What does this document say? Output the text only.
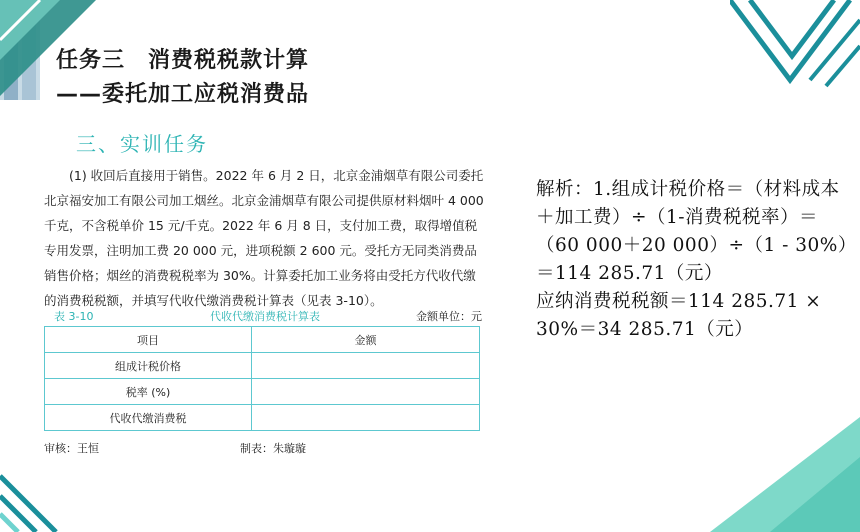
任务三　消费税税款计算
——委托加工应税消费品
三、实训任务

(1) 收回后直接用于销售。2022 年 6 月 2 日，北京金浦烟草有限公司委托北京福安加工有限公司加工烟丝。北京金浦烟草有限公司提供原材料烟叶 4 000 千克，不含税单价 15 元/千克。2022 年 6 月 8 日，支付加工费，取得增值税专用发票，注明加工费 20 000 元，进项税额 2 600 元。受托方无同类消费品销售价格；烟丝的消费税税率为 30%。计算委托加工业务将由受托方代收代缴的消费税税额，并填写代收代缴消费税计算表（见表 3-10）。

表 3-10	代收代缴消费税计算表	金额单位：元
项目	金额
组成计税价格	
税率 (%)	
代收代缴消费税	
审核：王恒	制表：朱璇璇

解析：1.组成计税价格＝（材料成本＋加工费）÷（1-消费税税率）＝（60 000＋20 000）÷（1 - 30%）＝114 285.71（元）

应纳消费税税额＝114 285.71 × 30%＝34 285.71（元）
